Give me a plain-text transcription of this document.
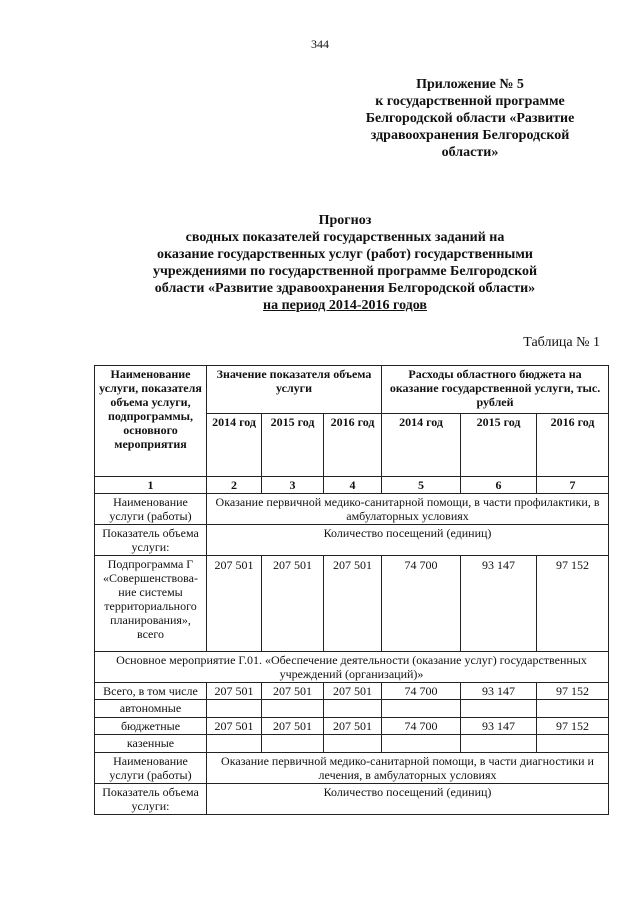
344
Приложение № 5
к государственной программе
Белгородской области «Развитие
здравоохранения Белгородской
области»
Прогноз
сводных показателей государственных заданий на
оказание государственных услуг (работ) государственными
учреждениями по государственной программе Белгородской
области «Развитие здравоохранения Белгородской области»
на период 2014-2016 годов
Таблица № 1
Наименование услуги, показателя объема услуги, подпрограммы, основного мероприятия	Значение показателя объема услуги			Расходы областного бюджета на оказание государственной услуги, тыс. рублей		
	2014 год	2015 год	2016 год	2014 год	2015 год	2016 год
1	2	3	4	5	6	7
Наименование услуги (работы)	Оказание первичной медико-санитарной помощи, в части профилактики, в амбулаторных условиях					
Показатель объема услуги:	Количество посещений (единиц)					
Подпрограмма Г «Совершенствова-ние системы территориального планирования», всего	207 501	207 501	207 501	74 700	93 147	97 152
Основное мероприятие Г.01. «Обеспечение деятельности (оказание услуг) государственных учреждений (организаций)»						
Всего, в том числе	207 501	207 501	207 501	74 700	93 147	97 152
автономные						
бюджетные	207 501	207 501	207 501	74 700	93 147	97 152
казенные						
Наименование услуги (работы)	Оказание первичной медико-санитарной помощи, в части диагностики и лечения, в амбулаторных условиях					
Показатель объема услуги:	Количество посещений (единиц)					
